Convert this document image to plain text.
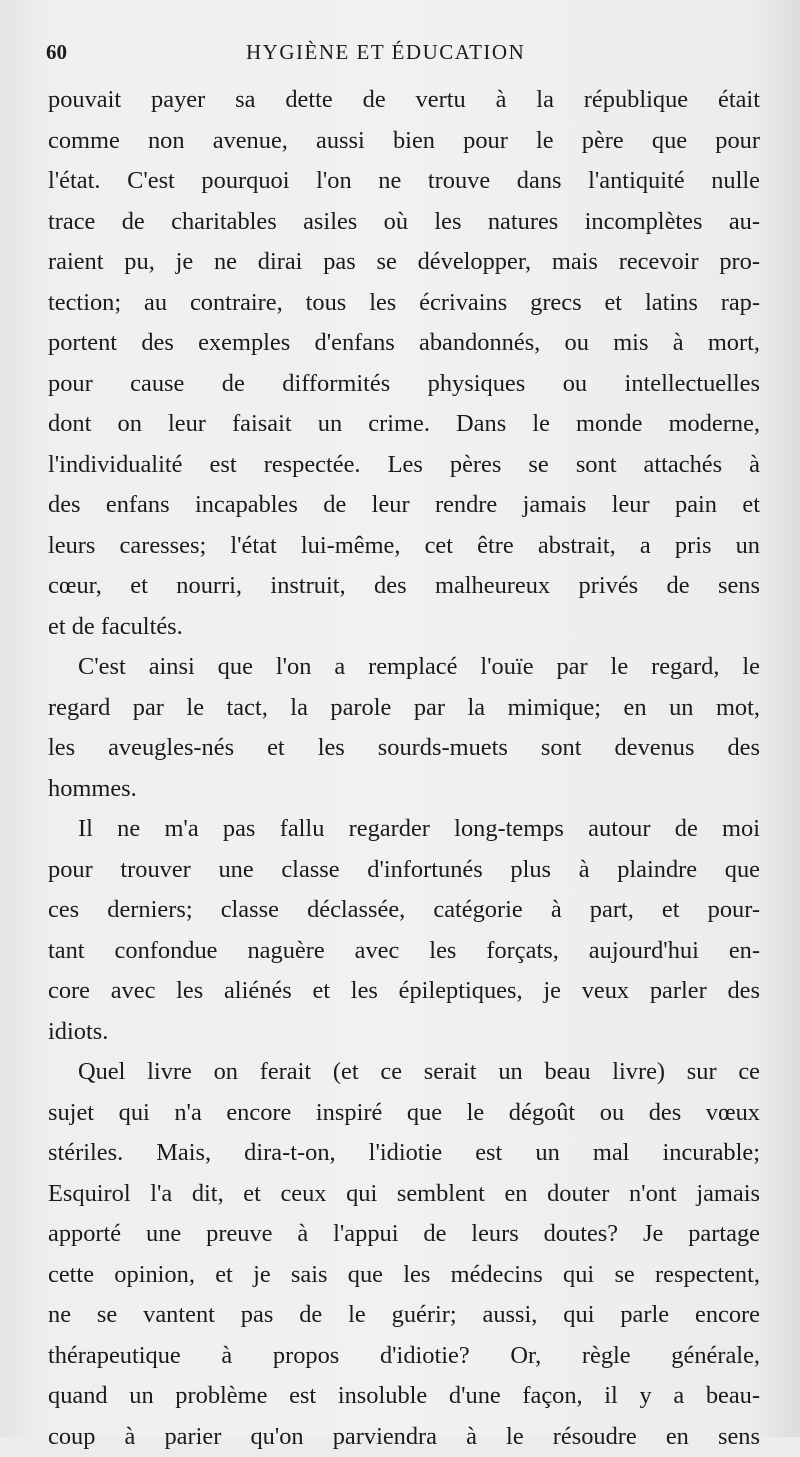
60	HYGIÈNE ET ÉDUCATION
pouvait payer sa dette de vertu à la république était
comme non avenue, aussi bien pour le père que pour
l'état. C'est pourquoi l'on ne trouve dans l'antiquité nulle
trace de charitables asiles où les natures incomplètes au-
raient pu, je ne dirai pas se développer, mais recevoir pro-
tection; au contraire, tous les écrivains grecs et latins rap-
portent des exemples d'enfans abandonnés, ou mis à mort,
pour cause de difformités physiques ou intellectuelles
dont on leur faisait un crime. Dans le monde moderne,
l'individualité est respectée. Les pères se sont attachés à
des enfans incapables de leur rendre jamais leur pain et
leurs caresses; l'état lui-même, cet être abstrait, a pris un
cœur, et nourri, instruit, des malheureux privés de sens
et de facultés.
C'est ainsi que l'on a remplacé l'ouïe par le regard, le
regard par le tact, la parole par la mimique; en un mot,
les aveugles-nés et les sourds-muets sont devenus des
hommes.
Il ne m'a pas fallu regarder long-temps autour de moi
pour trouver une classe d'infortunés plus à plaindre que
ces derniers; classe déclassée, catégorie à part, et pour-
tant confondue naguère avec les forçats, aujourd'hui en-
core avec les aliénés et les épileptiques, je veux parler des
idiots.
Quel livre on ferait (et ce serait un beau livre) sur ce
sujet qui n'a encore inspiré que le dégoût ou des vœux
stériles. Mais, dira-t-on, l'idiotie est un mal incurable;
Esquirol l'a dit, et ceux qui semblent en douter n'ont jamais
apporté une preuve à l'appui de leurs doutes? Je partage
cette opinion, et je sais que les médecins qui se respectent,
ne se vantent pas de le guérir; aussi, qui parle encore
thérapeutique à propos d'idiotie? Or, règle générale,
quand un problème est insoluble d'une façon, il y a beau-
coup à parier qu'on parviendra à le résoudre en sens
